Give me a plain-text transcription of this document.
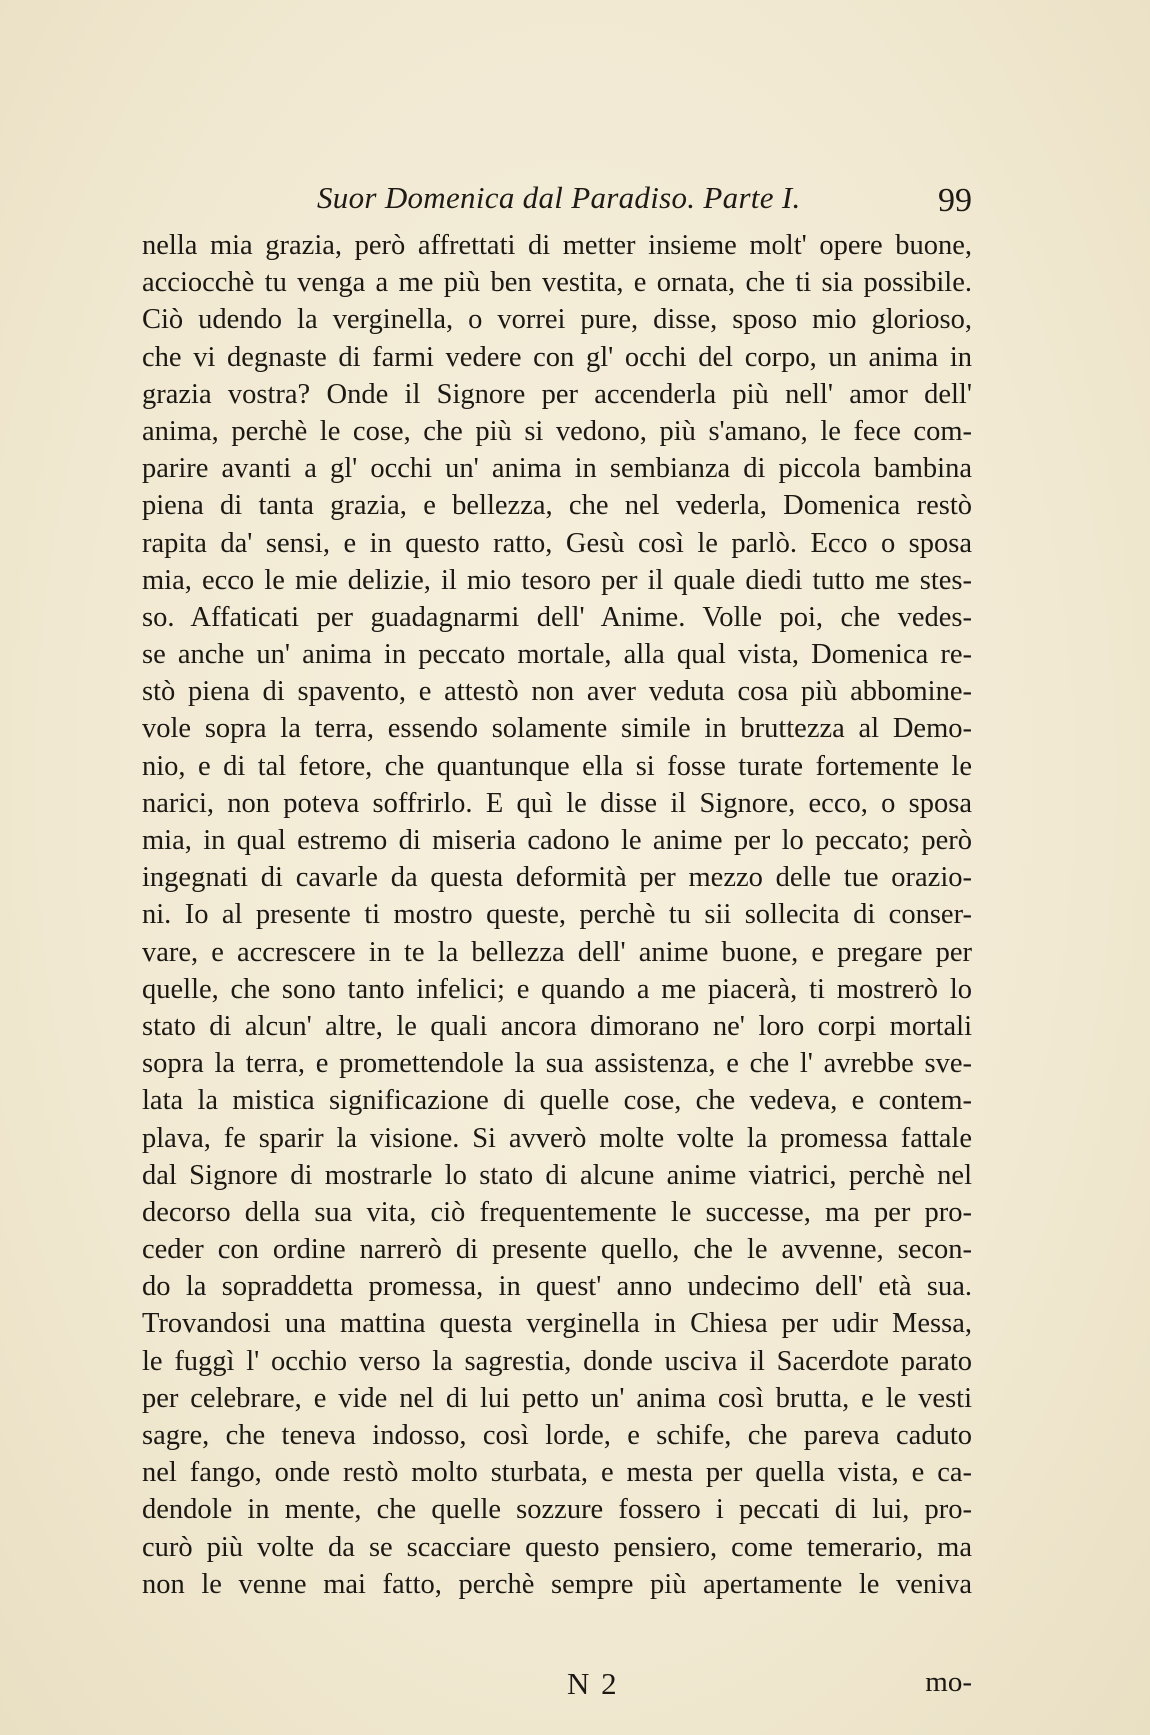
Suor Domenica dal Paradiso. Parte I.	99
nella mia grazia, però affrettati di metter insieme molt' opere buone,
acciocchè tu venga a me più ben vestita, e ornata, che ti sia possibile.
Ciò udendo la verginella, o vorrei pure, disse, sposo mio glorioso,
che vi degnaste di farmi vedere con gl' occhi del corpo, un anima in
grazia vostra? Onde il Signore per accenderla più nell' amor dell'
anima, perchè le cose, che più si vedono, più s'amano, le fece com-
parire avanti a gl' occhi un' anima in sembianza di piccola bambina
piena di tanta grazia, e bellezza, che nel vederla, Domenica restò
rapita da' sensi, e in questo ratto, Gesù così le parlò. Ecco o sposa
mia, ecco le mie delizie, il mio tesoro per il quale diedi tutto me stes-
so. Affaticati per guadagnarmi dell' Anime. Volle poi, che vedes-
se anche un' anima in peccato mortale, alla qual vista, Domenica re-
stò piena di spavento, e attestò non aver veduta cosa più abbomine-
vole sopra la terra, essendo solamente simile in bruttezza al Demo-
nio, e di tal fetore, che quantunque ella si fosse turate fortemente le
narici, non poteva soffrirlo. E quì le disse il Signore, ecco, o sposa
mia, in qual estremo di miseria cadono le anime per lo peccato; però
ingegnati di cavarle da questa deformità per mezzo delle tue orazio-
ni. Io al presente ti mostro queste, perchè tu sii sollecita di conser-
vare, e accrescere in te la bellezza dell' anime buone, e pregare per
quelle, che sono tanto infelici; e quando a me piacerà, ti mostrerò lo
stato di alcun' altre, le quali ancora dimorano ne' loro corpi mortali
sopra la terra, e promettendole la sua assistenza, e che l' avrebbe sve-
lata la mistica significazione di quelle cose, che vedeva, e contem-
plava, fe sparir la visione. Si avverò molte volte la promessa fattale
dal Signore di mostrarle lo stato di alcune anime viatrici, perchè nel
decorso della sua vita, ciò frequentemente le successe, ma per pro-
ceder con ordine narrerò di presente quello, che le avvenne, secon-
do la sopraddetta promessa, in quest' anno undecimo dell' età sua.
Trovandosi una mattina questa verginella in Chiesa per udir Messa,
le fuggì l' occhio verso la sagrestia, donde usciva il Sacerdote parato
per celebrare, e vide nel di lui petto un' anima così brutta, e le vesti
sagre, che teneva indosso, così lorde, e schife, che pareva caduto
nel fango, onde restò molto sturbata, e mesta per quella vista, e ca-
dendole in mente, che quelle sozzure fossero i peccati di lui, pro-
curò più volte da se scacciare questo pensiero, come temerario, ma
non le venne mai fatto, perchè sempre più apertamente le veniva
N 2	mo-
